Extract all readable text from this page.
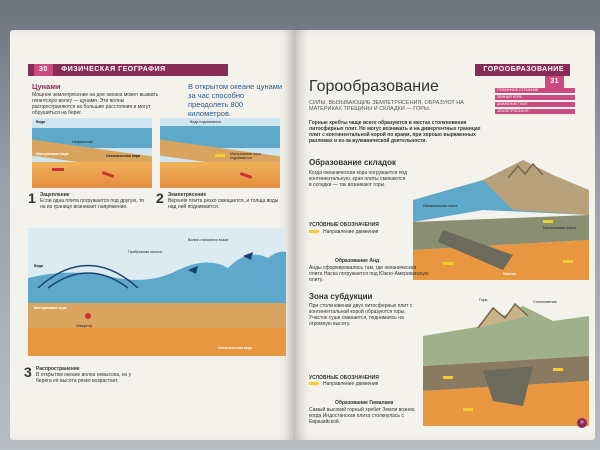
30 ФИЗИЧЕСКАЯ ГЕОГРАФИЯ
Цунами
Мощное землетрясение на дне океана может вызвать гигантскую волну — цунами. Эти волны распространяются на большие расстояния и могут обрушиться на берег.
В открытом океане цунами за час способно преодолеть 800 километров.
Вода
Материковая кора	Океаническая кора
Напряжение
Вода поднимается
Материковая кора поднимается
1 Зацепление
Если одна плита погружается под другую, то на их границе возникает напряжение.
2 Землетрясение
Верхняя плита резко смещается, и толща воды над ней поднимается.
Вода
Материковая кора
Океаническая кора
Эпицентр
Прибрежная полоса
Волна становится выше
3 Распространение
В открытом океане волна невысока, но у берега её высота резко возрастает.
ГОРООБРАЗОВАНИЕ 31
Горообразование	ГЛУБИННОЕ СТРОЕНИЕ
ЗЕМНАЯ КОРА
ДВИЖЕНИЕ ПЛИТ
ЗЕМЛЕТРЯСЕНИЯ
СИЛЫ, ВЫЗЫВАЮЩИЕ ЗЕМЛЕТРЯСЕНИЯ, ОБРАЗУЮТ НА МАТЕРИКАХ ТРЕЩИНЫ И СКЛАДКИ — ГОРЫ.
Горные хребты чаще всего образуются в местах столкновения литосферных плит. Но могут возникать и на дивергентных границах плит с континентальной корой по краям, при хорошо выраженных разломах и из-за вулканической деятельности.
Образование складок
Когда океаническая кора погружается под континентальную, края плиты сминаются в складки — так возникают горы.
Океаническая плита
Материковая плита
Мантия
УСЛОВНЫЕ ОБОЗНАЧЕНИЯ
Направление движения
Образование Анд
Анды сформировались там, где океаническая плита Наска погружается под Южно-Американскую плиту.
Зона субдукции
При столкновении двух литосферных плит с континентальной корой образуются горы. Участок суши сминается, поднимаясь на огромную высоту.
Столкновение
Горы
УСЛОВНЫЕ ОБОЗНАЧЕНИЯ
Направление движения
Образование Гималаев
Самый высокий горный хребет Земли возник, когда Индостанская плита столкнулась с Евразийской.	»
